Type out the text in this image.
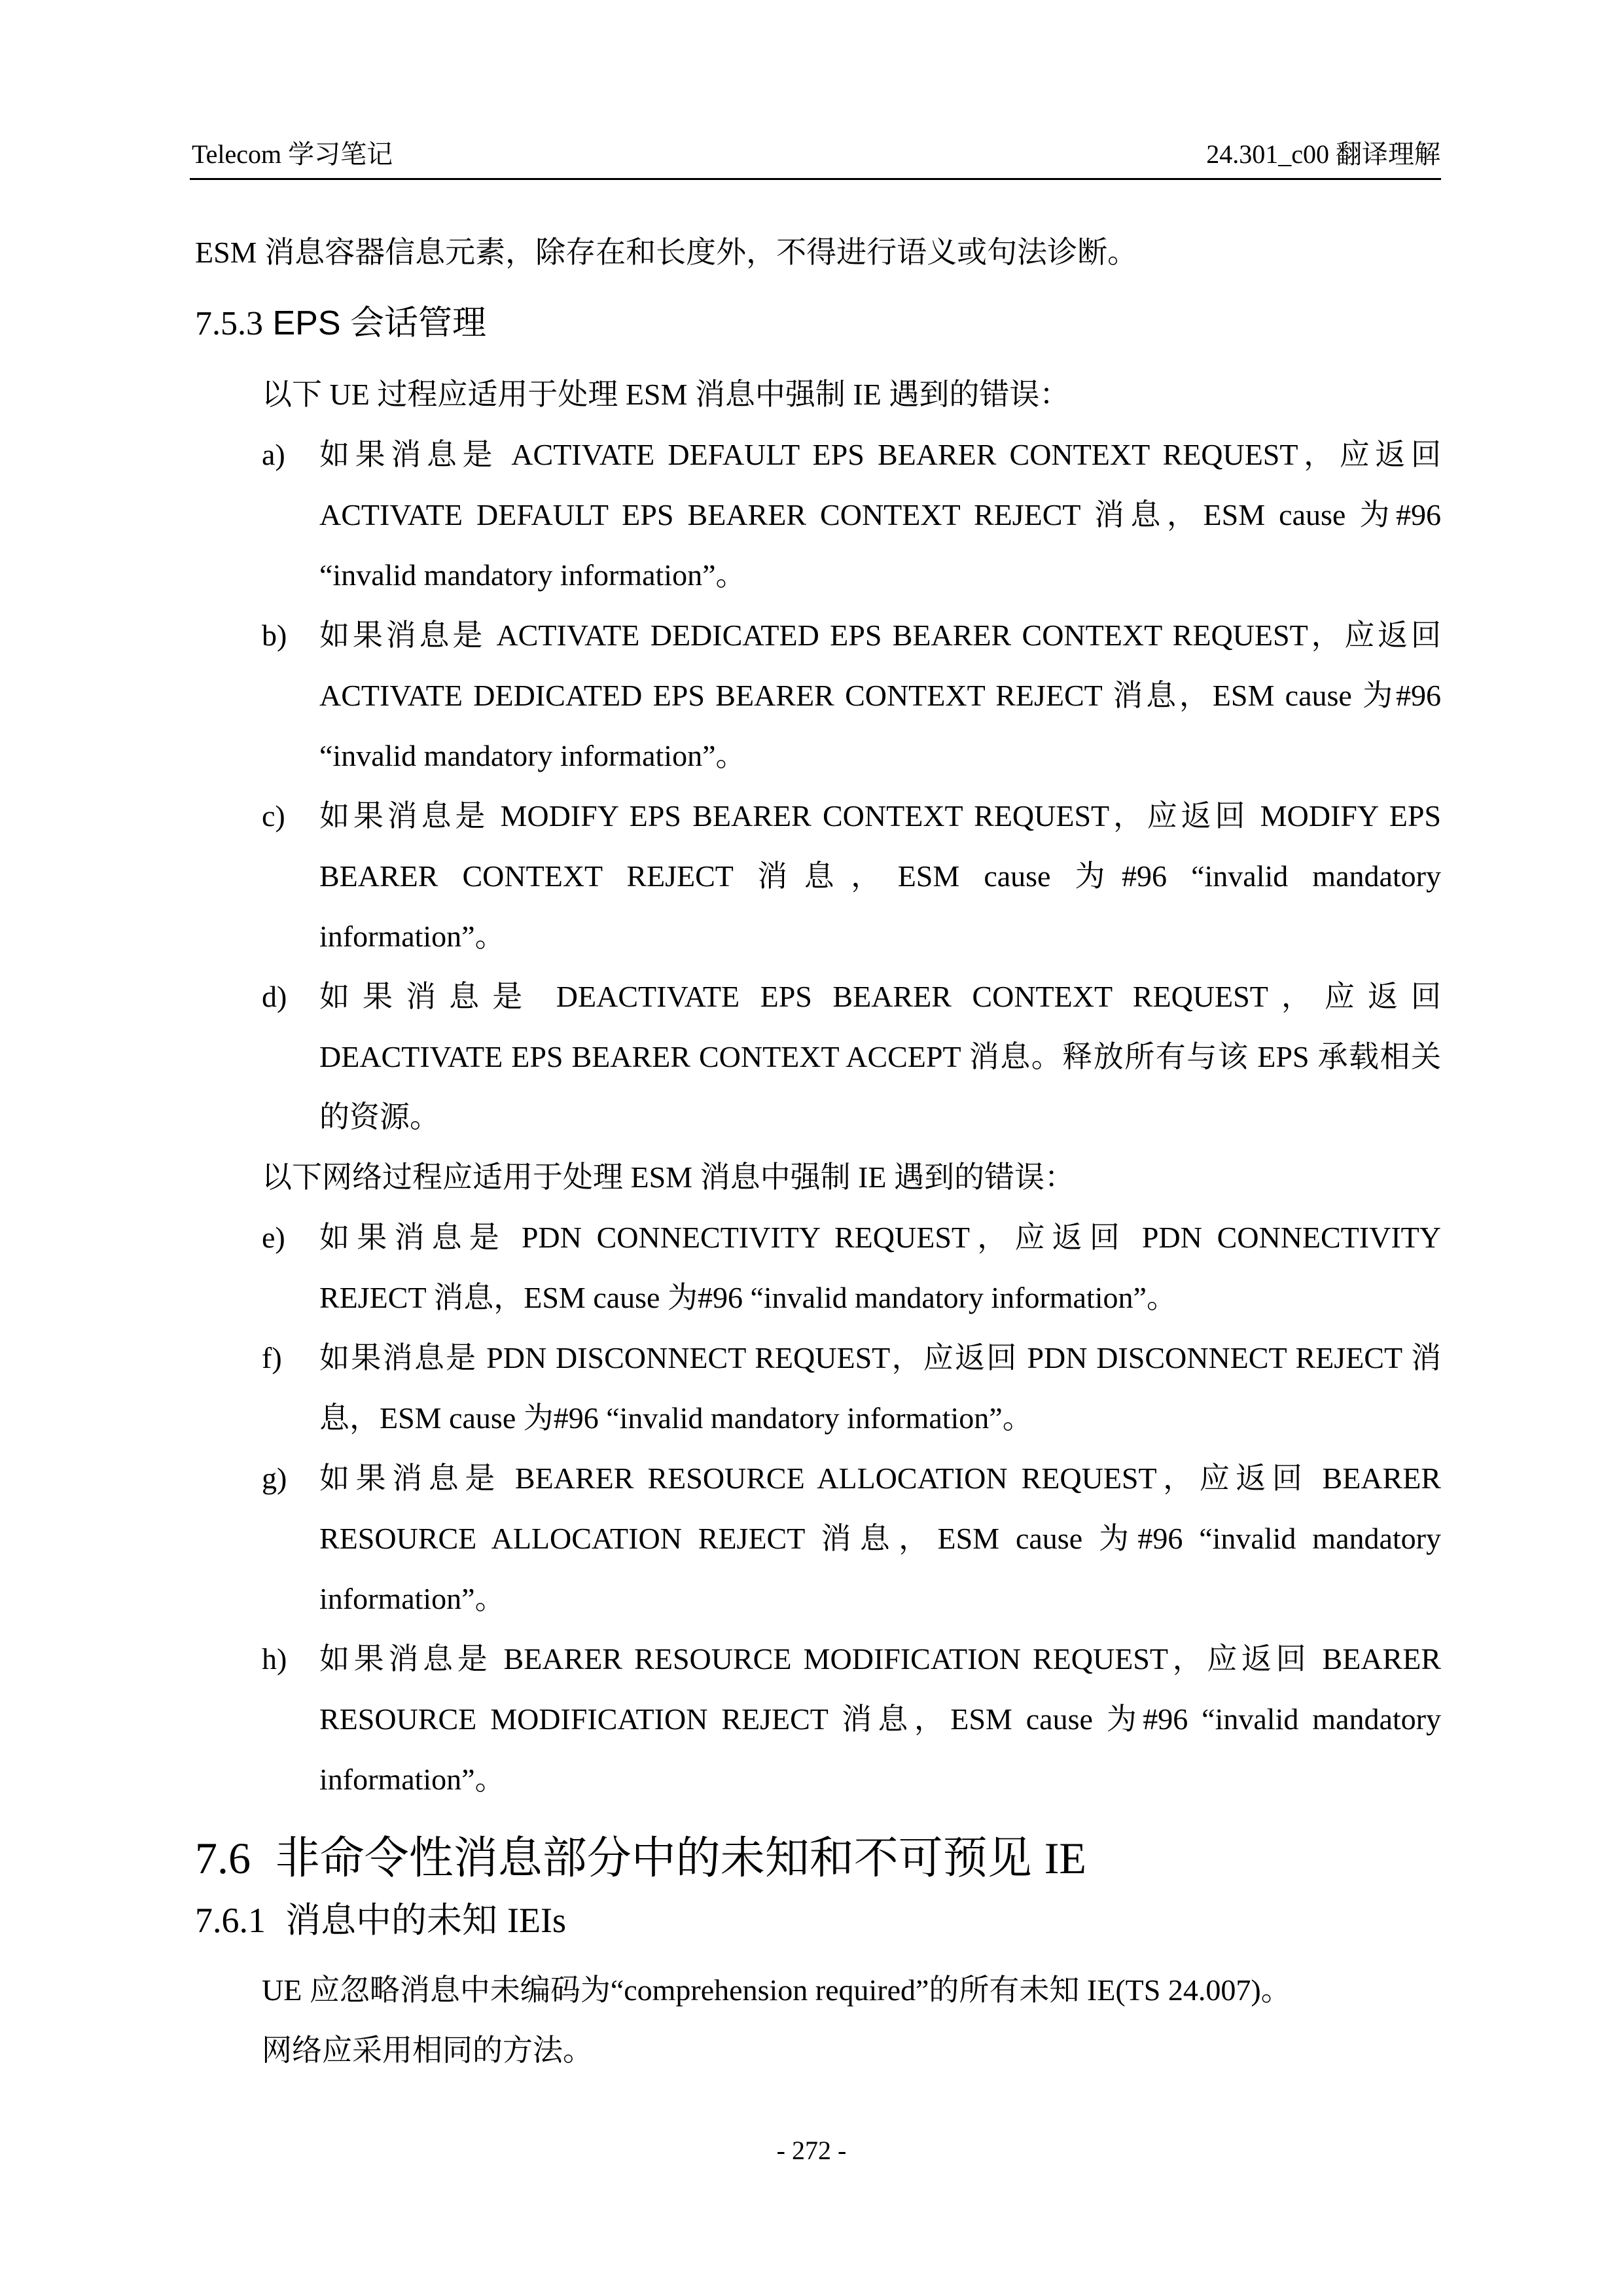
Telecom 学习笔记	24.301_c00 翻译理解

ESM 消息容器信息元素，除存在和长度外，不得进行语义或句法诊断。

7.5.3 EPS 会话管理

以下 UE 过程应适用于处理 ESM 消息中强制 IE 遇到的错误：

a) 如果消息是 ACTIVATE DEFAULT EPS BEARER CONTEXT REQUEST，应返回 ACTIVATE DEFAULT EPS BEARER CONTEXT REJECT 消息，ESM cause 为#96 “invalid mandatory information”。
b) 如果消息是 ACTIVATE DEDICATED EPS BEARER CONTEXT REQUEST，应返回 ACTIVATE DEDICATED EPS BEARER CONTEXT REJECT 消息，ESM cause 为#96 “invalid mandatory information”。
c) 如果消息是 MODIFY EPS BEARER CONTEXT REQUEST，应返回 MODIFY EPS BEARER CONTEXT REJECT 消息，ESM cause 为#96 “invalid mandatory information”。
d) 如果消息是 DEACTIVATE EPS BEARER CONTEXT REQUEST，应返回 DEACTIVATE EPS BEARER CONTEXT ACCEPT 消息。释放所有与该 EPS 承载相关的资源。

以下网络过程应适用于处理 ESM 消息中强制 IE 遇到的错误：

e) 如果消息是 PDN CONNECTIVITY REQUEST，应返回 PDN CONNECTIVITY REJECT 消息，ESM cause 为#96 “invalid mandatory information”。
f) 如果消息是 PDN DISCONNECT REQUEST，应返回 PDN DISCONNECT REJECT 消息，ESM cause 为#96 “invalid mandatory information”。
g) 如果消息是 BEARER RESOURCE ALLOCATION REQUEST，应返回 BEARER RESOURCE ALLOCATION REJECT 消息，ESM cause 为#96 “invalid mandatory information”。
h) 如果消息是 BEARER RESOURCE MODIFICATION REQUEST，应返回 BEARER RESOURCE MODIFICATION REJECT 消息，ESM cause 为#96 “invalid mandatory information”。
7.6 非命令性消息部分中的未知和不可预见 IE
7.6.1 消息中的未知 IEIs

UE 应忽略消息中未编码为“comprehension required”的所有未知 IE(TS 24.007)。

网络应采用相同的方法。

- 272 -
